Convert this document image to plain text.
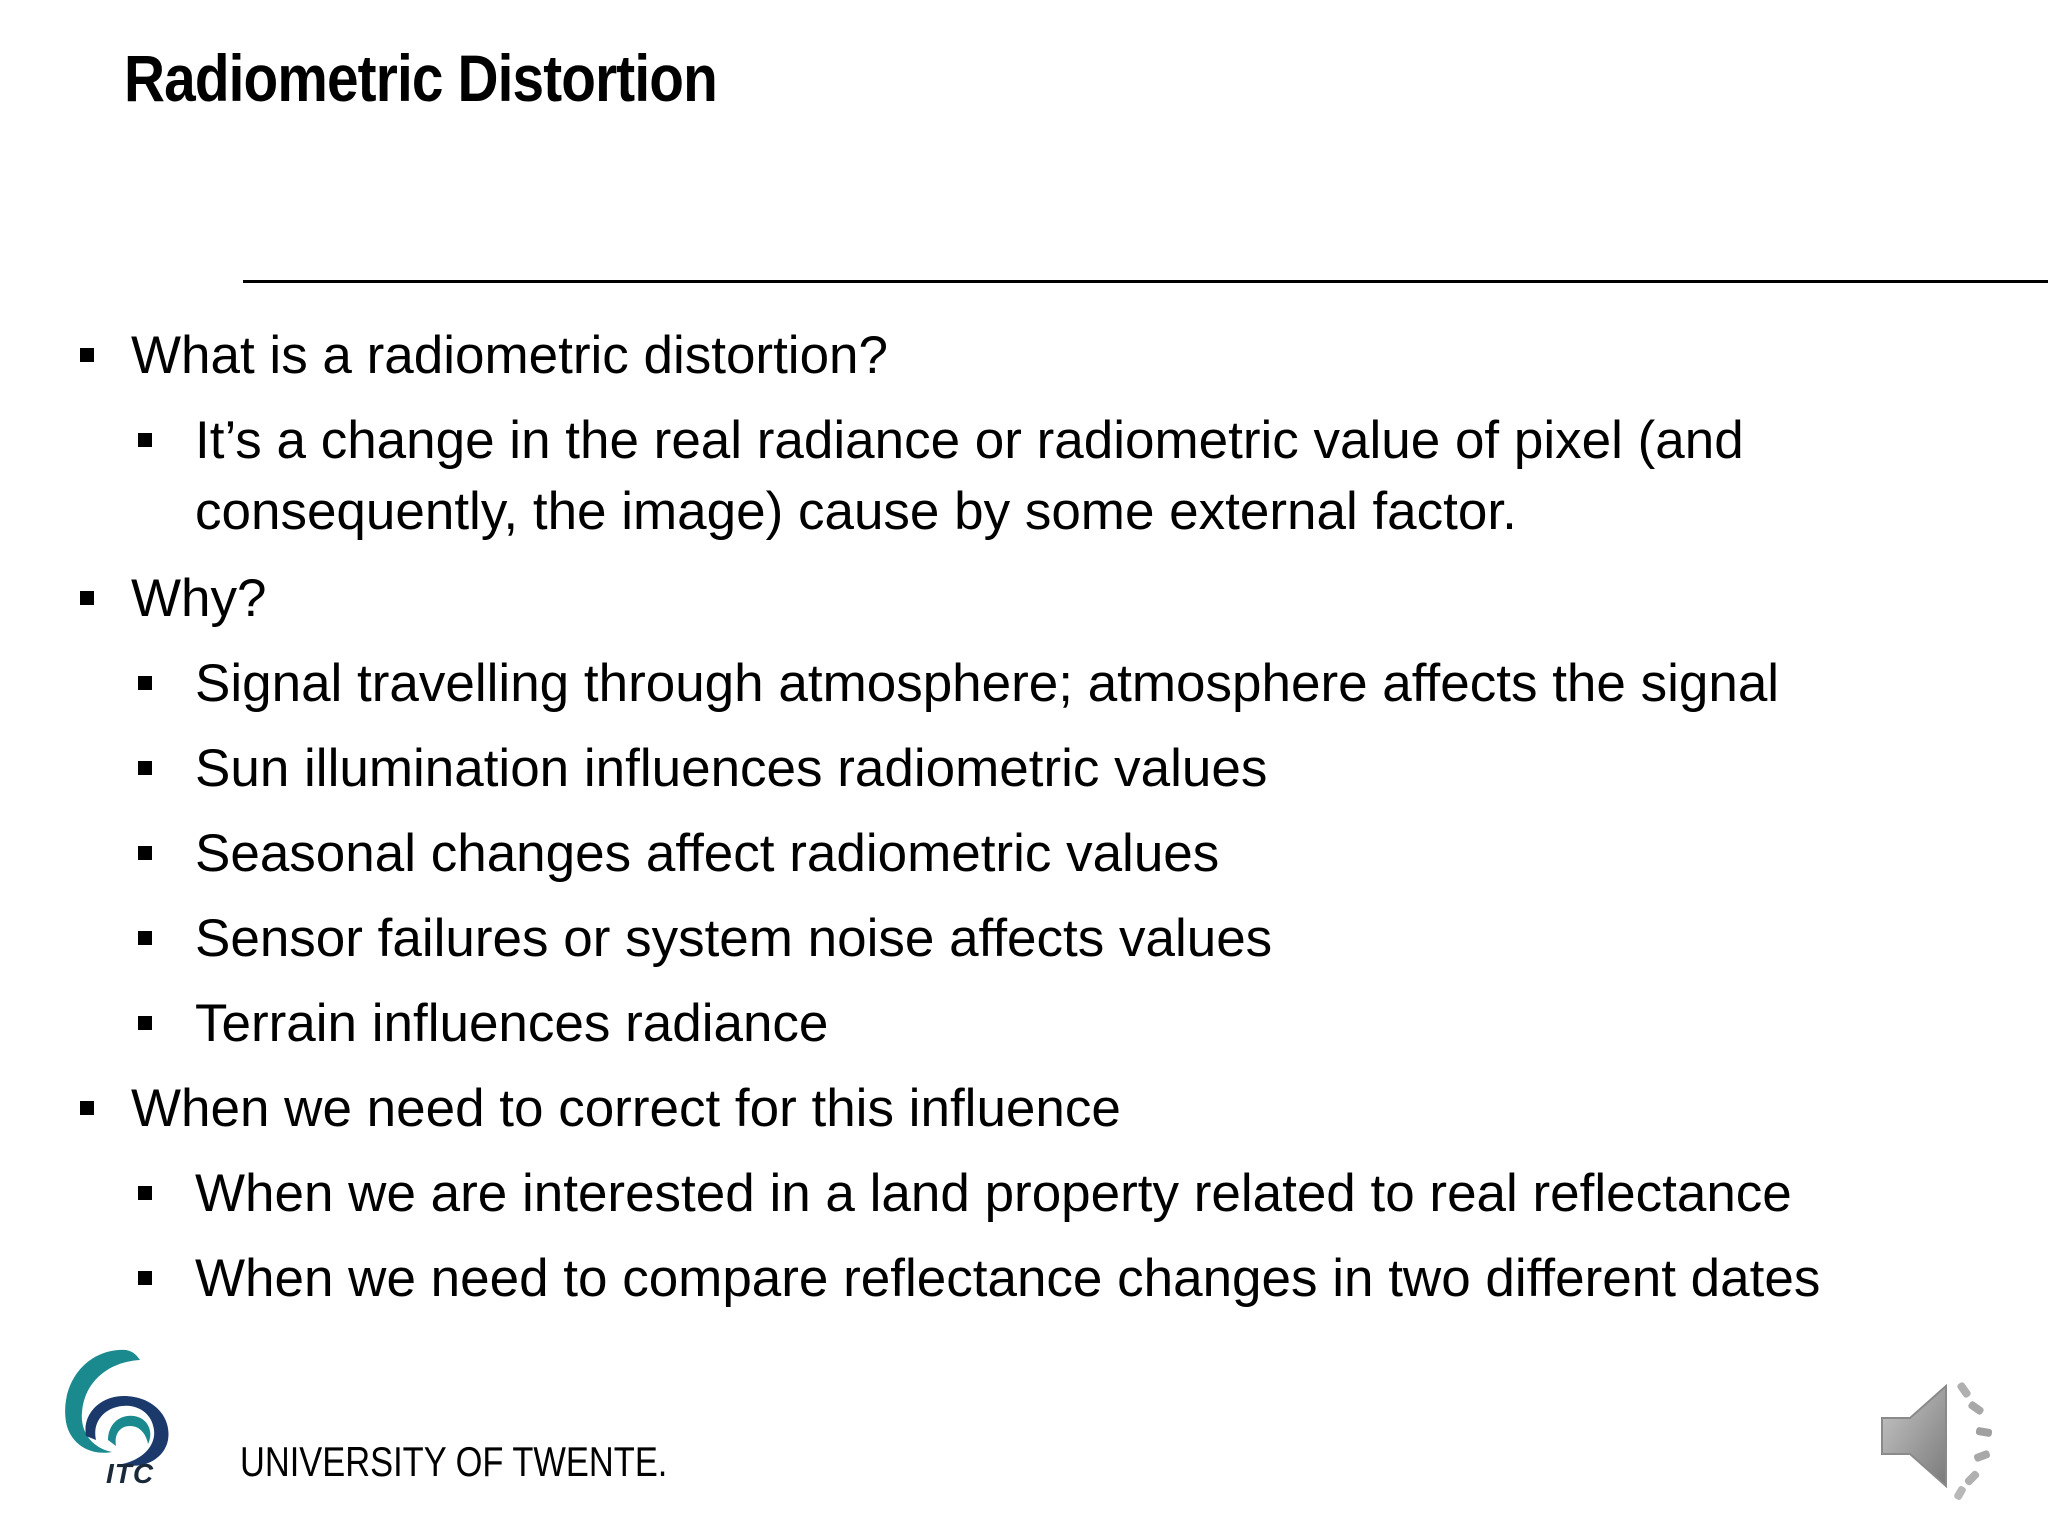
Radiometric Distortion
What is a radiometric distortion?
It’s a change in the real radiance or radiometric value of pixel (and
consequently, the image) cause by some external factor.
Why?
Signal travelling through atmosphere; atmosphere affects the signal
Sun illumination influences radiometric values
Seasonal changes affect radiometric values
Sensor failures or system noise affects values
Terrain influences radiance
When we need to correct for this influence
When we are interested in a land property related to real reflectance
When we need to compare reflectance changes in two different dates
ITC UNIVERSITY OF TWENTE.
